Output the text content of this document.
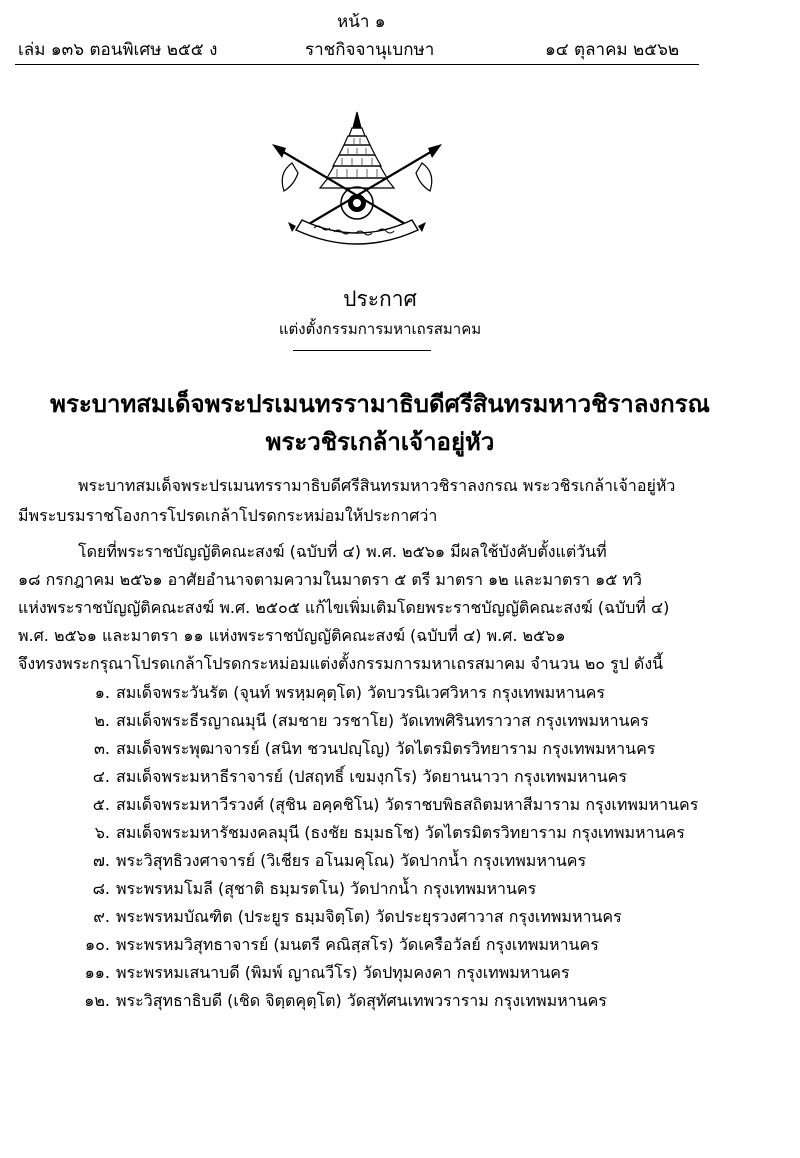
หน้า ๑
เล่ม ๑๓๖ ตอนพิเศษ ๒๕๕ ง	ราชกิจจานุเบกษา	๑๔ ตุลาคม ๒๕๖๒
ประกาศ
แต่งตั้งกรรมการมหาเถรสมาคม
พระบาทสมเด็จพระปรเมนทรรามาธิบดีศรีสินทรมหาวชิราลงกรณ
พระวชิรเกล้าเจ้าอยู่หัว
พระบาทสมเด็จพระปรเมนทรรามาธิบดีศรีสินทรมหาวชิราลงกรณ พระวชิรเกล้าเจ้าอยู่หัว
มีพระบรมราชโองการโปรดเกล้าโปรดกระหม่อมให้ประกาศว่า
โดยที่พระราชบัญญัติคณะสงฆ์ (ฉบับที่ ๔) พ.ศ. ๒๕๖๑ มีผลใช้บังคับตั้งแต่วันที่
๑๘ กรกฎาคม ๒๕๖๑ อาศัยอำนาจตามความในมาตรา ๕ ตรี มาตรา ๑๒ และมาตรา ๑๕ ทวิ
แห่งพระราชบัญญัติคณะสงฆ์ พ.ศ. ๒๕๐๕ แก้ไขเพิ่มเติมโดยพระราชบัญญัติคณะสงฆ์ (ฉบับที่ ๔)
พ.ศ. ๒๕๖๑ และมาตรา ๑๑ แห่งพระราชบัญญัติคณะสงฆ์ (ฉบับที่ ๔) พ.ศ. ๒๕๖๑
จึงทรงพระกรุณาโปรดเกล้าโปรดกระหม่อมแต่งตั้งกรรมการมหาเถรสมาคม จำนวน ๒๐ รูป ดังนี้
๑. สมเด็จพระวันรัต (จุนท์ พรหฺมคุตฺโต) วัดบวรนิเวศวิหาร กรุงเทพมหานคร
๒. สมเด็จพระธีรญาณมุนี (สมชาย วรชาโย) วัดเทพศิรินทราวาส กรุงเทพมหานคร
๓. สมเด็จพระพุฒาจารย์ (สนิท ชวนปญฺโญ) วัดไตรมิตรวิทยาราม กรุงเทพมหานคร
๔. สมเด็จพระมหาธีราจารย์ (ปสฤทธิ์ เขมงฺกโร) วัดยานนาวา กรุงเทพมหานคร
๕. สมเด็จพระมหาวีรวงศ์ (สุชิน อคฺคชิโน) วัดราชบพิธสถิตมหาสีมาราม กรุงเทพมหานคร
๖. สมเด็จพระมหารัชมงคลมุนี (ธงชัย ธมฺมธโช) วัดไตรมิตรวิทยาราม กรุงเทพมหานคร
๗. พระวิสุทธิวงศาจารย์ (วิเชียร อโนมคุโณ) วัดปากน้ำ กรุงเทพมหานคร
๘. พระพรหมโมลี (สุชาติ ธมฺมรตโน) วัดปากน้ำ กรุงเทพมหานคร
๙. พระพรหมบัณฑิต (ประยูร ธมฺมจิตฺโต) วัดประยุรวงศาวาส กรุงเทพมหานคร
๑๐. พระพรหมวิสุทธาจารย์ (มนตรี คณิสฺสโร) วัดเครือวัลย์ กรุงเทพมหานคร
๑๑. พระพรหมเสนาบดี (พิมพ์ ญาณวีโร) วัดปทุมคงคา กรุงเทพมหานคร
๑๒. พระวิสุทธาธิบดี (เชิด จิตฺตคุตฺโต) วัดสุทัศนเทพวราราม กรุงเทพมหานคร
